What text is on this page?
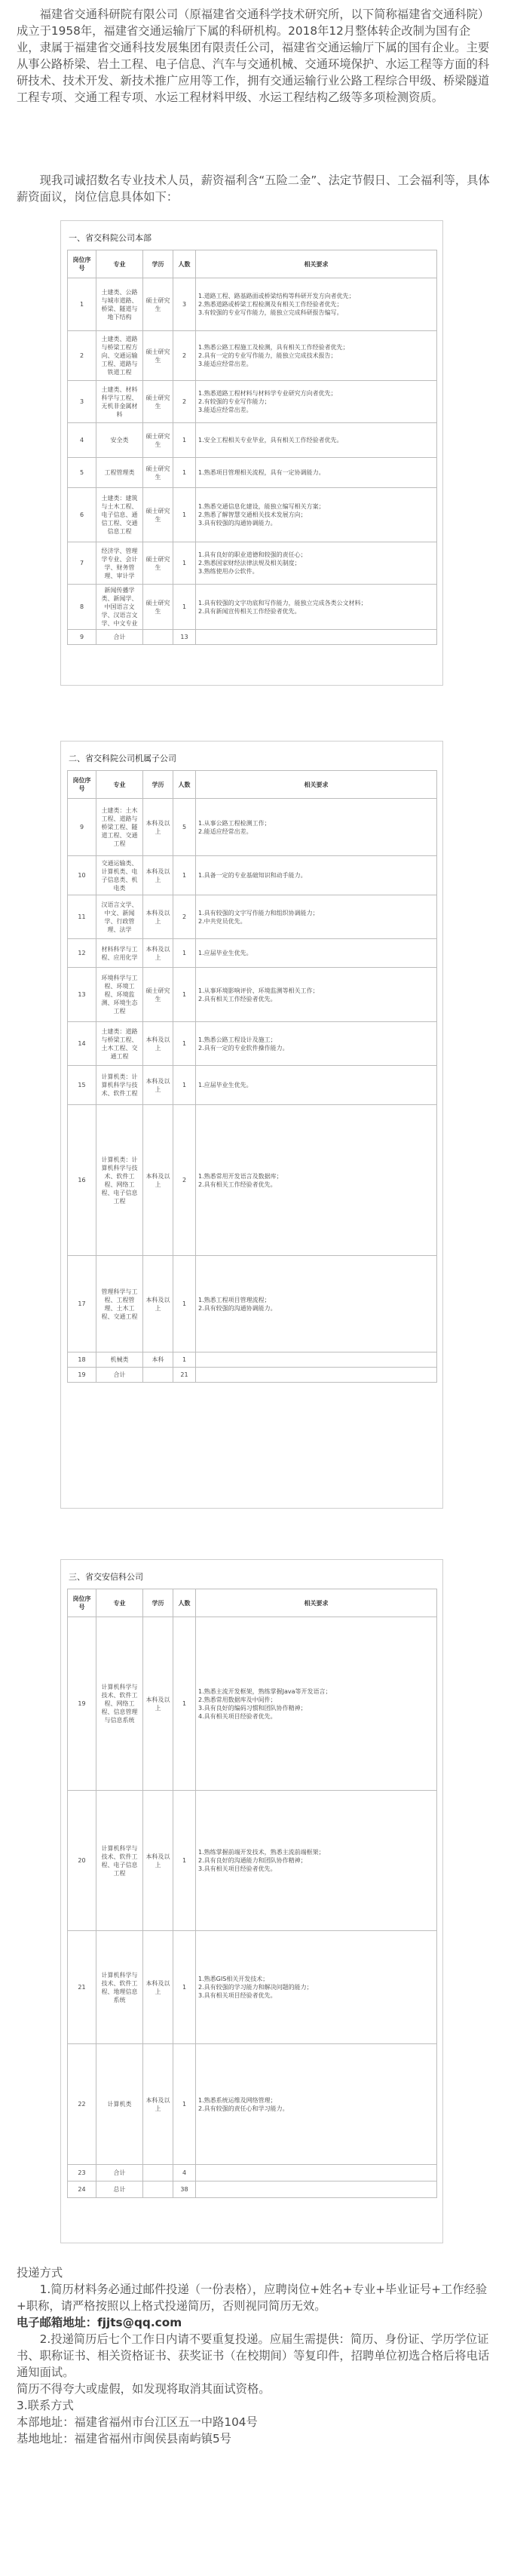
福建省交通科研院有限公司（原福建省交通科学技术研究所，以下简称福建省交通科院）成立于1958年，福建省交通运输厅下属的科研机构。2018年12月整体转企改制为国有企业，隶属于福建省交通科技发展集团有限责任公司，福建省交通运输厅下属的国有企业。主要从事公路桥梁、岩土工程、电子信息、汽车与交通机械、交通环境保护、水运工程等方面的科研技术、技术开发、新技术推广应用等工作，拥有交通运输行业公路工程综合甲级、桥梁隧道工程专项、交通工程专项、水运工程材料甲级、水运工程结构乙级等多项检测资质。

现我司诚招数名专业技术人员，薪资福利含“五险二金”、法定节假日、工会福利等，具体薪资面议，岗位信息具体如下：

一、省交科院公司本部
岗位序号	专业	学历	人数	相关要求
1	土建类、公路与城市道路、桥梁、隧道与地下结构	硕士研究生	3	1.道路工程、路基路面或桥梁结构等科研开发方向者优先；
2.熟悉道路或桥梁工程检测及有相关工作经验者优先；
3.有较强的专业写作能力，能独立完成科研报告编写。
2	土建类、道路与桥梁工程方向、交通运输工程、道路与铁道工程	硕士研究生	2	1.熟悉公路工程施工及检测，具有相关工作经验者优先；
2.具有一定的专业写作能力，能独立完成技术报告；
3.能适应经常出差。
3	土建类、材料科学与工程、无机非金属材料	硕士研究生	2	1.熟悉道路工程材料与材料学专业研究方向者优先；
2.有较强的专业写作能力；
3.能适应经常出差。
4	安全类	硕士研究生	1	1.安全工程相关专业毕业，具有相关工作经验者优先。
5	工程管理类	硕士研究生	1	1.熟悉项目管理相关流程，具有一定协调能力。
6	土建类：建筑与土木工程、电子信息、通信工程、交通信息工程	硕士研究生	1	1.熟悉交通信息化建设，能独立编写相关方案；
2.熟悉了解智慧交通相关技术发展方向；
3.具有较强的沟通协调能力。
7	经济学、管理学专业、会计学、财务管理、审计学	硕士研究生	1	1.具有良好的职业道德和较强的责任心；
2.熟悉国家财经法律法规及相关制度；
3.熟练使用办公软件。
8	新闻传播学类、新闻学、中国语言文学、汉语言文学、中文专业	硕士研究生	1	1.具有较强的文字功底和写作能力，能独立完成各类公文材料；
2.具有新闻宣传相关工作经验者优先。
9	合计		13	
二、省交科院公司机属子公司
岗位序号	专业	学历	人数	相关要求
9	土建类：土木工程、道路与桥梁工程、隧道工程、交通工程	本科及以上	5	1.从事公路工程检测工作；
2.能适应经常出差。
10	交通运输类、计算机类、电子信息类、机电类	本科及以上	1	1.具备一定的专业基础知识和动手能力。
11	汉语言文学、中文、新闻学、行政管理、法学	本科及以上	2	1.具有较强的文字写作能力和组织协调能力；
2.中共党员优先。
12	材料科学与工程、应用化学	本科及以上	1	1.应届毕业生优先。
13	环境科学与工程、环境工程、环境监测、环境生态工程	硕士研究生	1	1.从事环境影响评价、环境监测等相关工作；
2.具有相关工作经验者优先。
14	土建类：道路与桥梁工程、土木工程、交通工程	本科及以上	1	1.熟悉公路工程设计及施工；
2.具有一定的专业软件操作能力。
15	计算机类：计算机科学与技术、软件工程	本科及以上	1	1.应届毕业生优先。
16	计算机类：计算机科学与技术、软件工程、网络工程、电子信息工程	本科及以上	2	1.熟悉常用开发语言及数据库；
2.具有相关工作经验者优先。
17	管理科学与工程、工程管理、土木工程、交通工程	本科及以上	1	1.熟悉工程项目管理流程；
2.具有较强的沟通协调能力。
18	机械类	本科	1	
19	合计		21	
三、省交安信科公司
岗位序号	专业	学历	人数	相关要求
19	计算机科学与技术、软件工程、网络工程、信息管理与信息系统	本科及以上	1	1.熟悉主流开发框架，熟练掌握Java等开发语言；
2.熟悉常用数据库及中间件；
3.具有良好的编码习惯和团队协作精神；
4.具有相关项目经验者优先。
20	计算机科学与技术、软件工程、电子信息工程	本科及以上	1	1.熟练掌握前端开发技术，熟悉主流前端框架；
2.具有良好的沟通能力和团队协作精神；
3.具有相关项目经验者优先。
21	计算机科学与技术、软件工程、地理信息系统	本科及以上	1	1.熟悉GIS相关开发技术；
2.具有较强的学习能力和解决问题的能力；
3.具有相关项目经验者优先。
22	计算机类	本科及以上	1	1.熟悉系统运维及网络管理；
2.具有较强的责任心和学习能力。
23	合计		4	
24	总计		38	

投递方式

1.简历材料务必通过邮件投递（一份表格），应聘岗位+姓名+专业+毕业证号+工作经验+职称，请严格按照以上格式投递简历，否则视同简历无效。

电子邮箱地址：fjjts@qq.com

2.投递简历后七个工作日内请不要重复投递。应届生需提供：简历、身份证、学历学位证书、职称证书、相关资格证书、获奖证书（在校期间）等复印件，招聘单位初选合格后将电话通知面试。

简历不得夸大或虚假，如发现将取消其面试资格。

3.联系方式

本部地址：福建省福州市台江区五一中路104号

基地地址：福建省福州市闽侯县南屿镇5号
